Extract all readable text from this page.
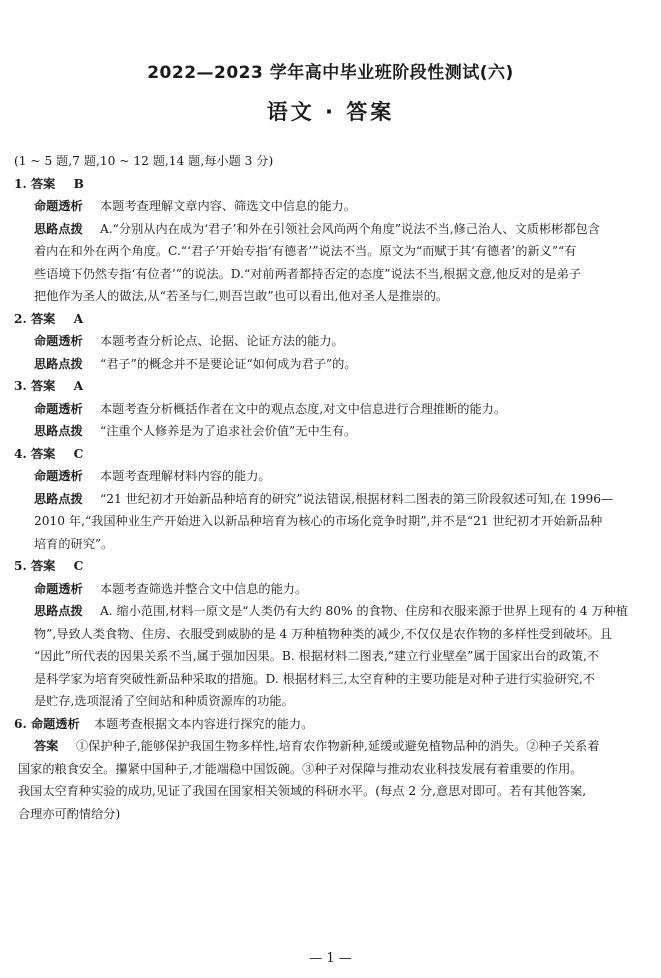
2022—2023 学年高中毕业班阶段性测试(六)
语文 · 答案

(1 ~ 5 题,7 题,10 ~ 12 题,14 题,每小题 3 分)

1. 答案 B

命题透析 本题考查理解文章内容、筛选文中信息的能力。

思路点拨 A.“分别从内在成为‘君子’和外在引领社会风尚两个角度”说法不当,修己治人、文质彬彬都包含

着内在和外在两个角度。C.“‘君子’开始专指‘有德者’”说法不当。原文为“而赋于其‘有德者’的新义”“有

些语境下仍然专指‘有位者’”的说法。D.“对前两者都持否定的态度”说法不当,根据文意,他反对的是弟子

把他作为圣人的做法,从“若圣与仁,则吾岂敢”也可以看出,他对圣人是推崇的。

2. 答案 A

命题透析 本题考查分析论点、论据、论证方法的能力。

思路点拨 “君子”的概念并不是要论证“如何成为君子”的。

3. 答案 A

命题透析 本题考查分析概括作者在文中的观点态度,对文中信息进行合理推断的能力。

思路点拨 “注重个人修养是为了追求社会价值”无中生有。

4. 答案 C

命题透析 本题考查理解材料内容的能力。

思路点拨 “21 世纪初才开始新品种培育的研究”说法错误,根据材料二图表的第三阶段叙述可知,在 1996—

2010 年,“我国种业生产开始进入以新品种培育为核心的市场化竞争时期”,并不是“21 世纪初才开始新品种

培育的研究”。

5. 答案 C

命题透析 本题考查筛选并整合文中信息的能力。

思路点拨 A. 缩小范围,材料一原文是“人类仍有大约 80% 的食物、住房和衣服来源于世界上现有的 4 万种植

物”,导致人类食物、住房、衣服受到威胁的是 4 万种植物种类的减少,不仅仅是农作物的多样性受到破坏。且

“因此”所代表的因果关系不当,属于强加因果。B. 根据材料二图表,“建立行业壁垒”属于国家出台的政策,不

是科学家为培育突破性新品种采取的措施。D. 根据材料三,太空育种的主要功能是对种子进行实验研究,不

是贮存,选项混淆了空间站和种质资源库的功能。

6. 命题透析 本题考查根据文本内容进行探究的能力。

答案 ①保护种子,能够保护我国生物多样性,培育农作物新种,延缓或避免植物品种的消失。②种子关系着

国家的粮食安全。攥紧中国种子,才能端稳中国饭碗。③种子对保障与推动农业科技发展有着重要的作用。

我国太空育种实验的成功,见证了我国在国家相关领域的科研水平。(每点 2 分,意思对即可。若有其他答案,

合理亦可酌情给分)

— 1 —
